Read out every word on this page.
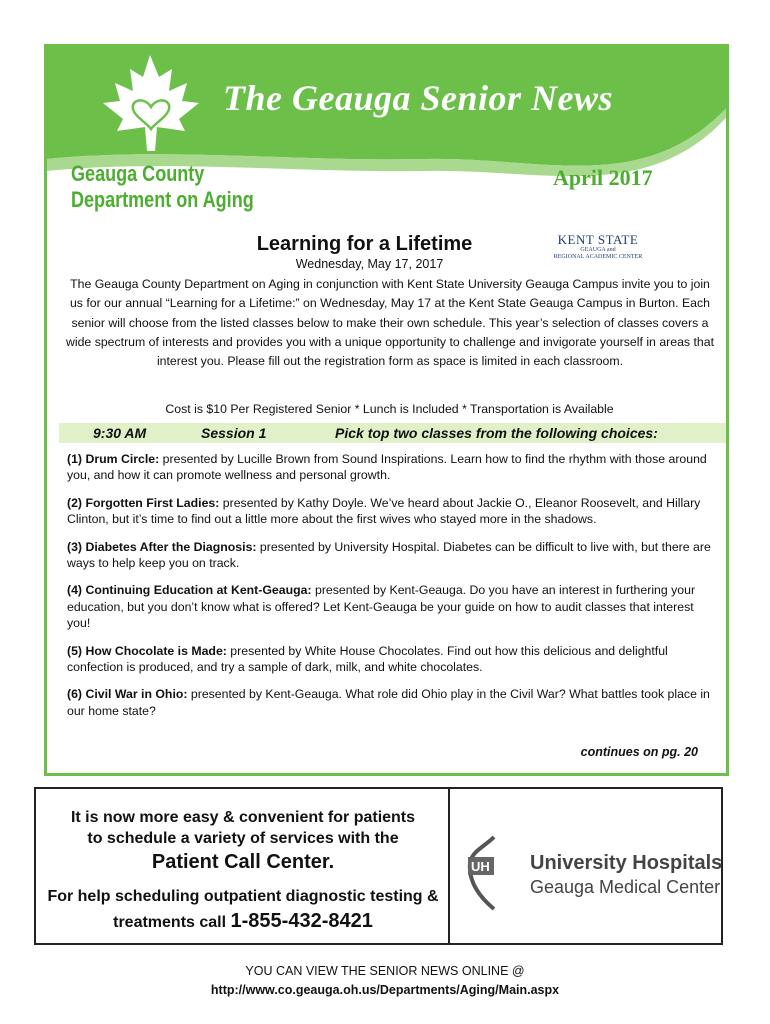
The Geauga Senior News
Geauga County
Department on Aging
April 2017
Learning for a Lifetime	KENT STATE
GEAUGA and
REGIONAL ACADEMIC CENTER
Wednesday, May 17, 2017
The Geauga County Department on Aging in conjunction with Kent State University Geauga Campus invite you to join us for our annual “Learning for a Lifetime:” on Wednesday, May 17 at the Kent State Geauga Campus in Burton. Each senior will choose from the listed classes below to make their own schedule. This year’s selection of classes covers a wide spectrum of interests and provides you with a unique opportunity to challenge and invigorate yourself in areas that interest you. Please fill out the registration form as space is limited in each classroom.
Cost is $10 Per Registered Senior * Lunch is Included * Transportation is Available
9:30 AM	Session 1	Pick top two classes from the following choices:

(1) Drum Circle: presented by Lucille Brown from Sound Inspirations. Learn how to find the rhythm with those around you, and how it can promote wellness and personal growth.

(2) Forgotten First Ladies: presented by Kathy Doyle. We’ve heard about Jackie O., Eleanor Roosevelt, and Hillary Clinton, but it’s time to find out a little more about the first wives who stayed more in the shadows.

(3) Diabetes After the Diagnosis: presented by University Hospital. Diabetes can be difficult to live with, but there are ways to help keep you on track.

(4) Continuing Education at Kent-Geauga: presented by Kent-Geauga. Do you have an interest in furthering your education, but you don’t know what is offered? Let Kent-Geauga be your guide on how to audit classes that interest you!

(5) How Chocolate is Made: presented by White House Chocolates. Find out how this delicious and delightful confection is produced, and try a sample of dark, milk, and white chocolates.

(6) Civil War in Ohio: presented by Kent-Geauga. What role did Ohio play in the Civil War? What battles took place in our home state?

continues on pg. 20
It is now more easy & convenient for patients
to schedule a variety of services with the
Patient Call Center.
For help scheduling outpatient diagnostic testing &
treatments call 1-855-432-8421
UH University Hospitals
Geauga Medical Center
YOU CAN VIEW THE SENIOR NEWS ONLINE @
http://www.co.geauga.oh.us/Departments/Aging/Main.aspx
